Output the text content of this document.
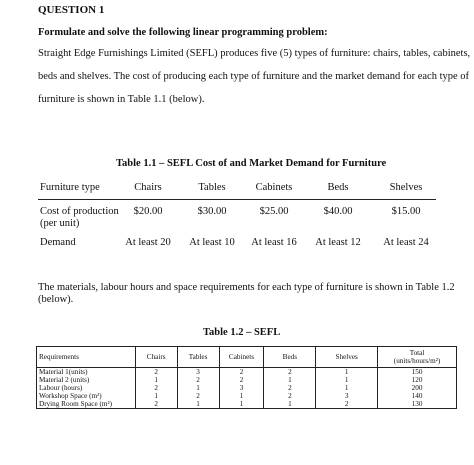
QUESTION 1
Formulate and solve the following linear programming problem:
Straight Edge Furnishings Limited (SEFL) produces five (5) types of furniture: chairs, tables, cabinets,
beds and shelves. The cost of producing each type of furniture and the market demand for each type of
furniture is shown in Table 1.1 (below).
Table 1.1 – SEFL Cost of and Market Demand for Furniture
Furniture type	Chairs	Tables	Cabinets	Beds	Shelves
Cost of production
(per unit)
$20.00	$30.00	$25.00	$40.00	$15.00
Demand	At least 20	At least 10	At least 16	At least 12	At least 24
The materials, labour hours and space requirements for each type of furniture is shown in Table 1.2
(below).
Table 1.2 – SEFL
Requirements	Chairs	Tables	Cabinets	Beds	Shelves	Total
(units/hours/m²)

Material 1(units)	2	3	2	2	1	150
Material 2 (units)	1	2	2	1	1	120
Labour (hours)	2	1	3	2	1	200
Workshop Space (m²)	1	2	1	2	3	140
Drying Room Space (m²)	2	1	1	1	2	130
